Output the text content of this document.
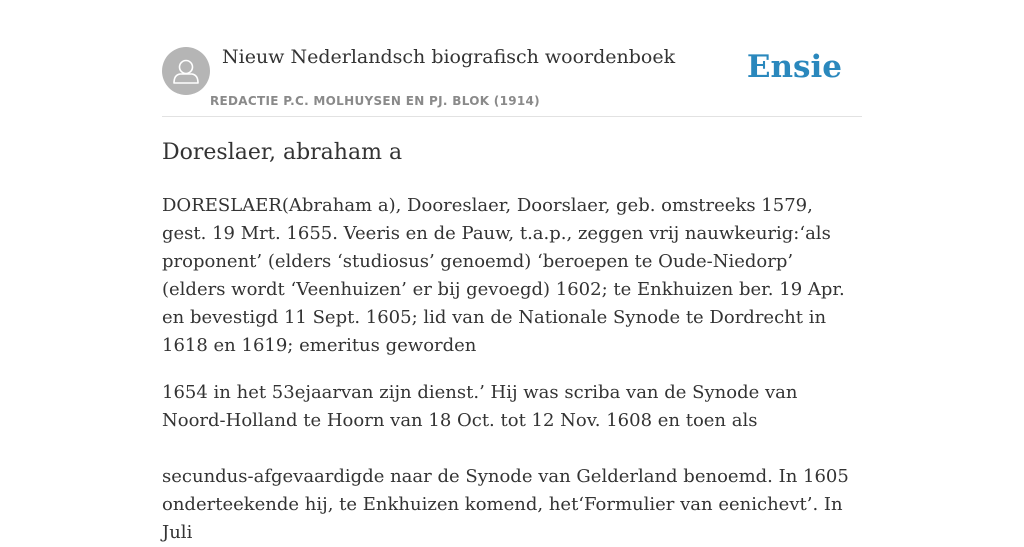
Nieuw Nederlandsch biografisch woordenboek
REDACTIE P.C. MOLHUYSEN EN PJ. BLOK (1914)
Ensie
Doreslaer, abraham a

DORESLAER(Abraham a), Dooreslaer, Doorslaer, geb. omstreeks 1579, gest. 19 Mrt. 1655. Veeris en de Pauw, t.a.p., zeggen vrij nauwkeurig:‘als proponent’ (elders ‘studiosus’ genoemd) ‘beroepen te Oude-Niedorp’ (elders wordt ‘Veenhuizen’ er bij gevoegd) 1602; te Enkhuizen ber. 19 Apr. en bevestigd 11 Sept. 1605; lid van de Nationale Synode te Dordrecht in 1618 en 1619; emeritus geworden

1654 in het 53ejaarvan zijn dienst.’ Hij was scriba van de Synode van Noord-Holland te Hoorn van 18 Oct. tot 12 Nov. 1608 en toen als

secundus-afgevaardigde naar de Synode van Gelderland benoemd. In 1605 onderteekende hij, te Enkhuizen komend, het‘Formulier van eenichevt’. In Juli
